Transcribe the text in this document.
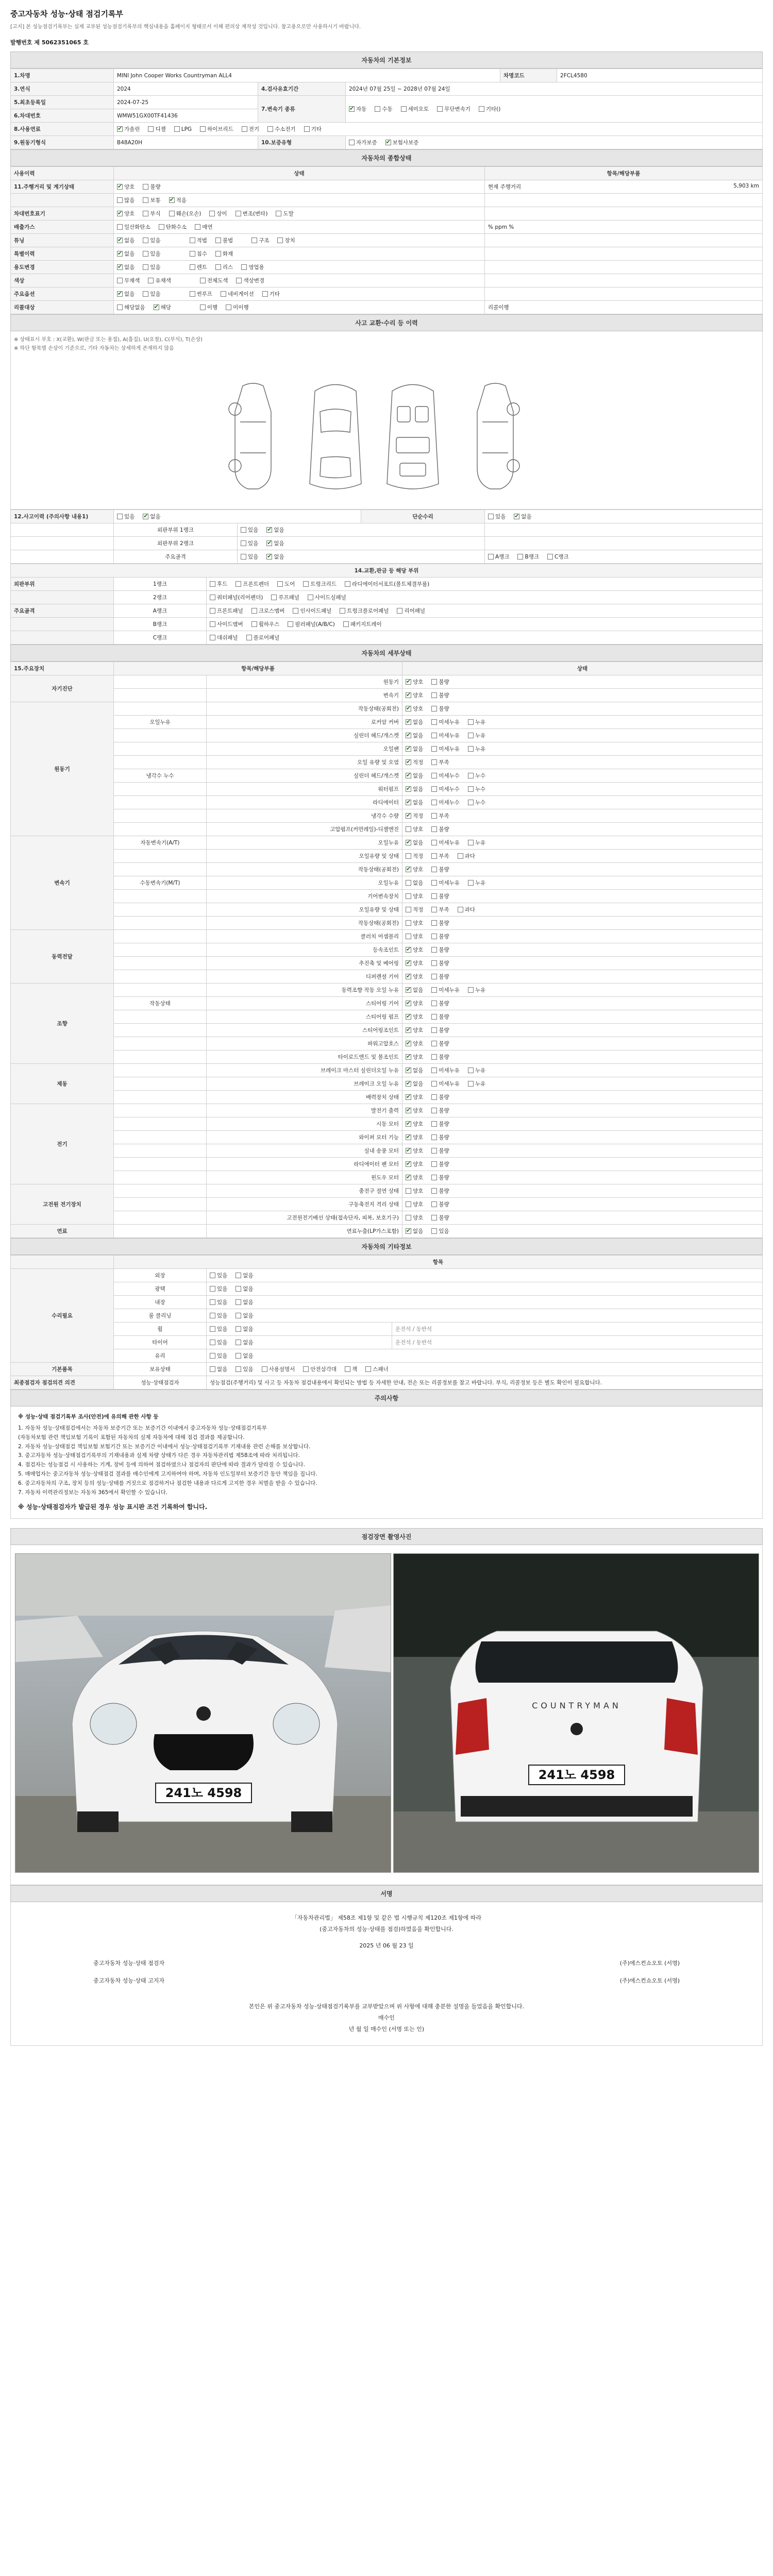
중고자동차 성능·상태 점검기록부
[고지] 본 성능점검기록부는 실제 교부된 성능점검기록부의 핵심내용을 홈페이지 형태로서 이해 편의상 재작성 것입니다. 참고용으로만 사용하시기 바랍니다.
발행번호 제 5062351065 호
자동차의 기본정보
1.차명	MINI John Cooper Works Countryman ALL4			차명코드	2FCL4580
3.연식	2024	4.검사유효기간	2024년 07월 25일 ~ 2028년 07월 24일		
5.최초등록일	2024-07-25	7.변속기 종류	✔자동 수동 세미오토 무단변속기 기타()
6.차대번호	WMW51GX00TF41436				
8.사용연료	✔가솔린 디젤 LPG 하이브리드 전기 수소전기 기타
9.원동기형식	B48A20H	10.보증유형	자가보증 ✔ 보험사보증
자동차의 종합상태
사용이력	상태	항목/해당부품
11.주행거리 및 계기상태	✔양호 불량	현재 주행거리 5,903 km

	많음 보통 ✔ 적음	
차대번호표기	✔양호 부식 훼손(오손) 상이 변조(변타) 도말	
배출가스	일산화탄소 탄화수소 매연	% ppm %
튜닝	✔없음 있음 적법 불법 구조 장치	
특별이력	✔없음 있음 침수 화재	
용도변경	✔없음 있음 렌트 리스 영업용	
색상	무채색 유채색 전체도색 색상변경	
주요옵션	✔없음 있음 썬루프 네비게이션 기타	
리콜대상	해당없음 ✔ 해당 이행 미이행	리콜이행
사고 교환·수리 등 이력
※ 상태표시 부호 : X(교환), W(판금 또는 용접), A(흠집), U(요철), C(부식), T(손상)
※ 하단 항목별 손상이 기준으로, 기타 자동차는 상세하게 존재하지 않음
12.사고이력 (주의사항 내용1)	있음 ✔ 없음		단순수리	있음 ✔ 없음
	외판부위 1랭크	있음 ✔ 없음	
	외판부위 2랭크	있음 ✔ 없음	
	주요골격	있음 ✔ 없음		A랭크 B랭크 C랭크
14.교환,판금 등 해당 부위		
외판부위	1랭크	후드 프론트펜더 도어 트렁크리드 라디에이터서포트(볼트체결부품)
	2랭크	쿼터패널(리어펜더) 루프패널 사이드실패널
주요골격	A랭크	프론트패널 크로스멤버 인사이드패널 트렁크플로어패널 리어패널
	B랭크	사이드멤버 휠하우스 필러패널(A/B/C) 패키지트레이
	C랭크	대쉬패널 플로어패널
자동차의 세부상태
15.주요장치	항목/해당부품		상태
자기진단		원동기	✔양호 불량
		변속기	✔양호 불량
원동기		작동상태(공회전)	✔양호 불량
	오일누유	로커암 커버	✔없음 미세누유 누유
		실린더 헤드/개스켓	✔없음 미세누유 누유
		오일팬	✔없음 미세누유 누유
		오일 유량 및 오염	✔적정 부족
	냉각수 누수	실린더 헤드/개스켓	✔없음 미세누수 누수
		워터펌프	✔없음 미세누수 누수
		라디에이터	✔없음 미세누수 누수
		냉각수 수량	✔적정 부족
		고압펌프(커먼레일)-디젤엔진	양호 불량
변속기	자동변속기(A/T)	오일누유	✔없음 미세누유 누유
		오일유량 및 상태	적정 부족 과다
		작동상태(공회전)	✔양호 불량
	수동변속기(M/T)	오일누유	없음 미세누유 누유
		기어변속장치	양호 불량
		오일유량 및 상태	적정 부족 과다
		작동상태(공회전)	양호 불량
동력전달		클러치 어셈블리	양호 불량
		등속조인트	✔양호 불량
		추진축 및 베어링	✔양호 불량
		디퍼렌셜 기어	✔양호 불량
조향		동력조향 작동 오일 누유	✔없음 미세누유 누유
	작동상태	스티어링 기어	✔양호 불량
		스티어링 펌프	✔양호 불량
		스티어링조인트	✔양호 불량
		파워고압호스	✔양호 불량
		타이로드엔드 및 볼조인트	✔양호 불량
제동		브레이크 마스터 실린더오일 누유	✔없음 미세누유 누유
		브레이크 오일 누유	✔없음 미세누유 누유
		배력장치 상태	✔양호 불량
전기		발전기 출력	✔양호 불량
		시동 모터	✔양호 불량
		와이퍼 모터 기능	✔양호 불량
		실내 송풍 모터	✔양호 불량
		라디에이터 팬 모터	✔양호 불량
		윈도우 모터	✔양호 불량
고전원 전기장치		충전구 절연 상태	양호 불량
		구동축전지 격리 상태	양호 불량
		고전원전기배선 상태(접속단자, 피복, 보호기구)	양호 불량
연료		연료누출(LP가스포함)	✔없음 있음
자동차의 기타정보
	항목		
수리필요	외장	있음 없음	
	광택	있음 없음	
	내장	있음 없음	
	룸 클리닝	있음 없음	
	휠	있음 없음	운전석 / 동반석
	타이어	있음 없음	운전석 / 동반석
	유리	있음 없음	
기본품목	보유상태	없음 있음 사용설명서 안전삼각대 잭 스패너	
최종점검자 점검의견 의견	성능·상태점검자	성능점검(주행거리) 및 사고 등 자동차 점검내용에서 확인되는 방법 등 자세한 안내, 전손 또는 리콜정보를 참고 바랍니다. 부식, 리콜정보 등은 별도 확인이 필요합니다.	
주의사항
※ 성능·상태 점검기록부 조사(안전)에 유의해 관한 사항 등
1. 자동차 성능·상태점검에서는 자동차 보증기간 또는 보증기간 이내에서 중고자동차 성능·상태점검기록부
(자동차보험 관련 책임보험 기록이 포함된 자동차의 실제 자동차에 대해 점검 결과를 제공합니다.
2. 자동차 성능·상태점검 책임보험 보험기간 또는 보증기간 이내에서 성능·상태점검기록부 기재내용 관련 손해를 보상합니다.
3. 중고자동차 성능·상태점검기록부의 기재내용과 실제 차량 상태가 다른 경우 자동차관리법 제58조에 따라 처리됩니다.
4. 점검자는 성능점검 시 사용하는 기계, 장비 등에 의하여 점검하였으나 점검자의 판단에 따라 결과가 달라질 수 있습니다.
5. 매매업자는 중고자동차 성능·상태점검 결과를 매수인에게 고지하여야 하며, 자동차 인도일부터 보증기간 동안 책임을 집니다.
6. 중고자동차의 구조, 장치 등의 성능·상태를 거짓으로 점검하거나 점검한 내용과 다르게 고지한 경우 처벌을 받을 수 있습니다.
7. 자동차 이력관리정보는 자동차 365에서 확인할 수 있습니다.
※ 성능·상태점검자가 발급된 경우 성능 표시판 조건 기록하여 합니다.
점검장면 촬영사진
241노 4598
COUNTRYMAN
241노 4598
서명
「자동차관리법」 제58조 제1항 및 같은 법 시행규칙 제120조 제1항에 따라
(중고자동차의 성능·상태를 점검)하였음을 확인합니다.
2025 년 06 월 23 일
중고자동차 성능·상태 점검자	(주)에스컨쇼오토 (서명)
중고자동차 성능·상태 고지자	(주)에스컨쇼오토 (서명)
본인은 위 중고자동차 성능·상태점검기록부를 교부받았으며 위 사항에 대해 충분한 설명을 들었음을 확인합니다.
매수인
년 월 일 매수인 (서명 또는 인)
